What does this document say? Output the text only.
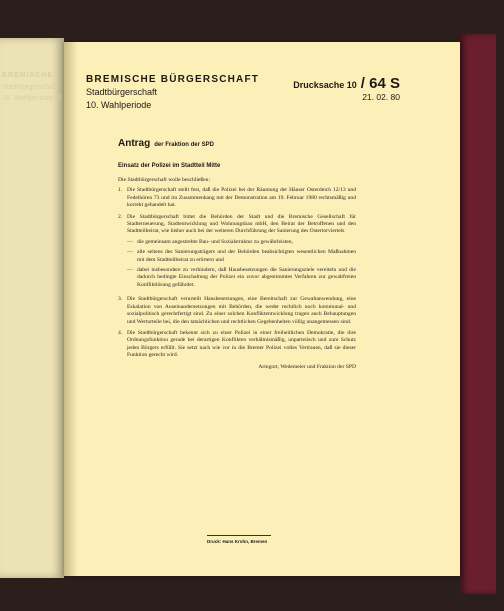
BREMISCHE
Stadtbürgerschaft
10. Wahlperiode 10
BREMISCHE BÜRGERSCHAFT
Stadtbürgerschaft
10. Wahlperiode
Drucksache 10 / 64 S
21. 02. 80
Antrag der Fraktion der SPD
Einsatz der Polizei im Stadtteil Mitte

Die Stadtbürgerschaft wolle beschließen:

1. Die Stadtbürgerschaft stellt fest, daß die Polizei bei der Räumung der Häuser Osterdeich 12/13 und Fedelhören 73 und im Zusammenhang mit der Demonstration am 19. Februar 1980 rechtsmäßig und korrekt gehandelt hat.
2. Die Stadtbürgerschaft bittet die Behörden der Stadt und die Bremische Gesellschaft für Stadterneuerung, Stadtentwicklung und Wohnungsbau mbH, den Beirat der Betroffenen und den Stadtteilbeirat, wie bisher auch bei der weiteren Durchführung der Sanierung des Ostertorviertels
— die gemeinsam angestrebte Bau- und Sozialstruktur zu gewährleisten,
— alle seitens des Sanierungsträgers und der Behörden beabsichtigten wesentlichen Maßnahmen mit dem Stadtteilbeirat zu erörtern und
— dabei insbesondere zu verhindern, daß Hausbesetzungen die Sanierungsziele vereiteln und die dadurch bedingte Einschaltung der Polizei ein zuvor abgestimmtes Verfahren zur gewaltfreien Konfliktlösung gefährdet.
3. Die Stadtbürgerschaft verurteilt Hausbesetzungen, eine Bereitschaft zur Gewaltanwendung, eine Eskalation von Auseinandersetzungen mit Behörden, die weder rechtlich noch kommunal- und sozialpolitisch gerechtfertigt sind. Zu einer solchen Konfliktentwicklung tragen auch Behauptungen und Werturteile bei, die den tatsächlichen und rechtlichen Gegebenheiten völlig unangemessen sind.
4. Die Stadtbürgerschaft bekennt sich zu einer Polizei in einer freiheitlichen Demokratie, die ihre Ordnungsfunktion gerade bei derartigen Konflikten verhältnismäßig, unparteiisch und zum Schutz jeden Bürgers erfüllt. Sie setzt nach wie vor in die Bremer Polizei volles Vertrauen, daß sie dieser Funktion gerecht wird.
Armgort, Wedemeier und Fraktion der SPD
Druck: Hans Krohn, Bremen
